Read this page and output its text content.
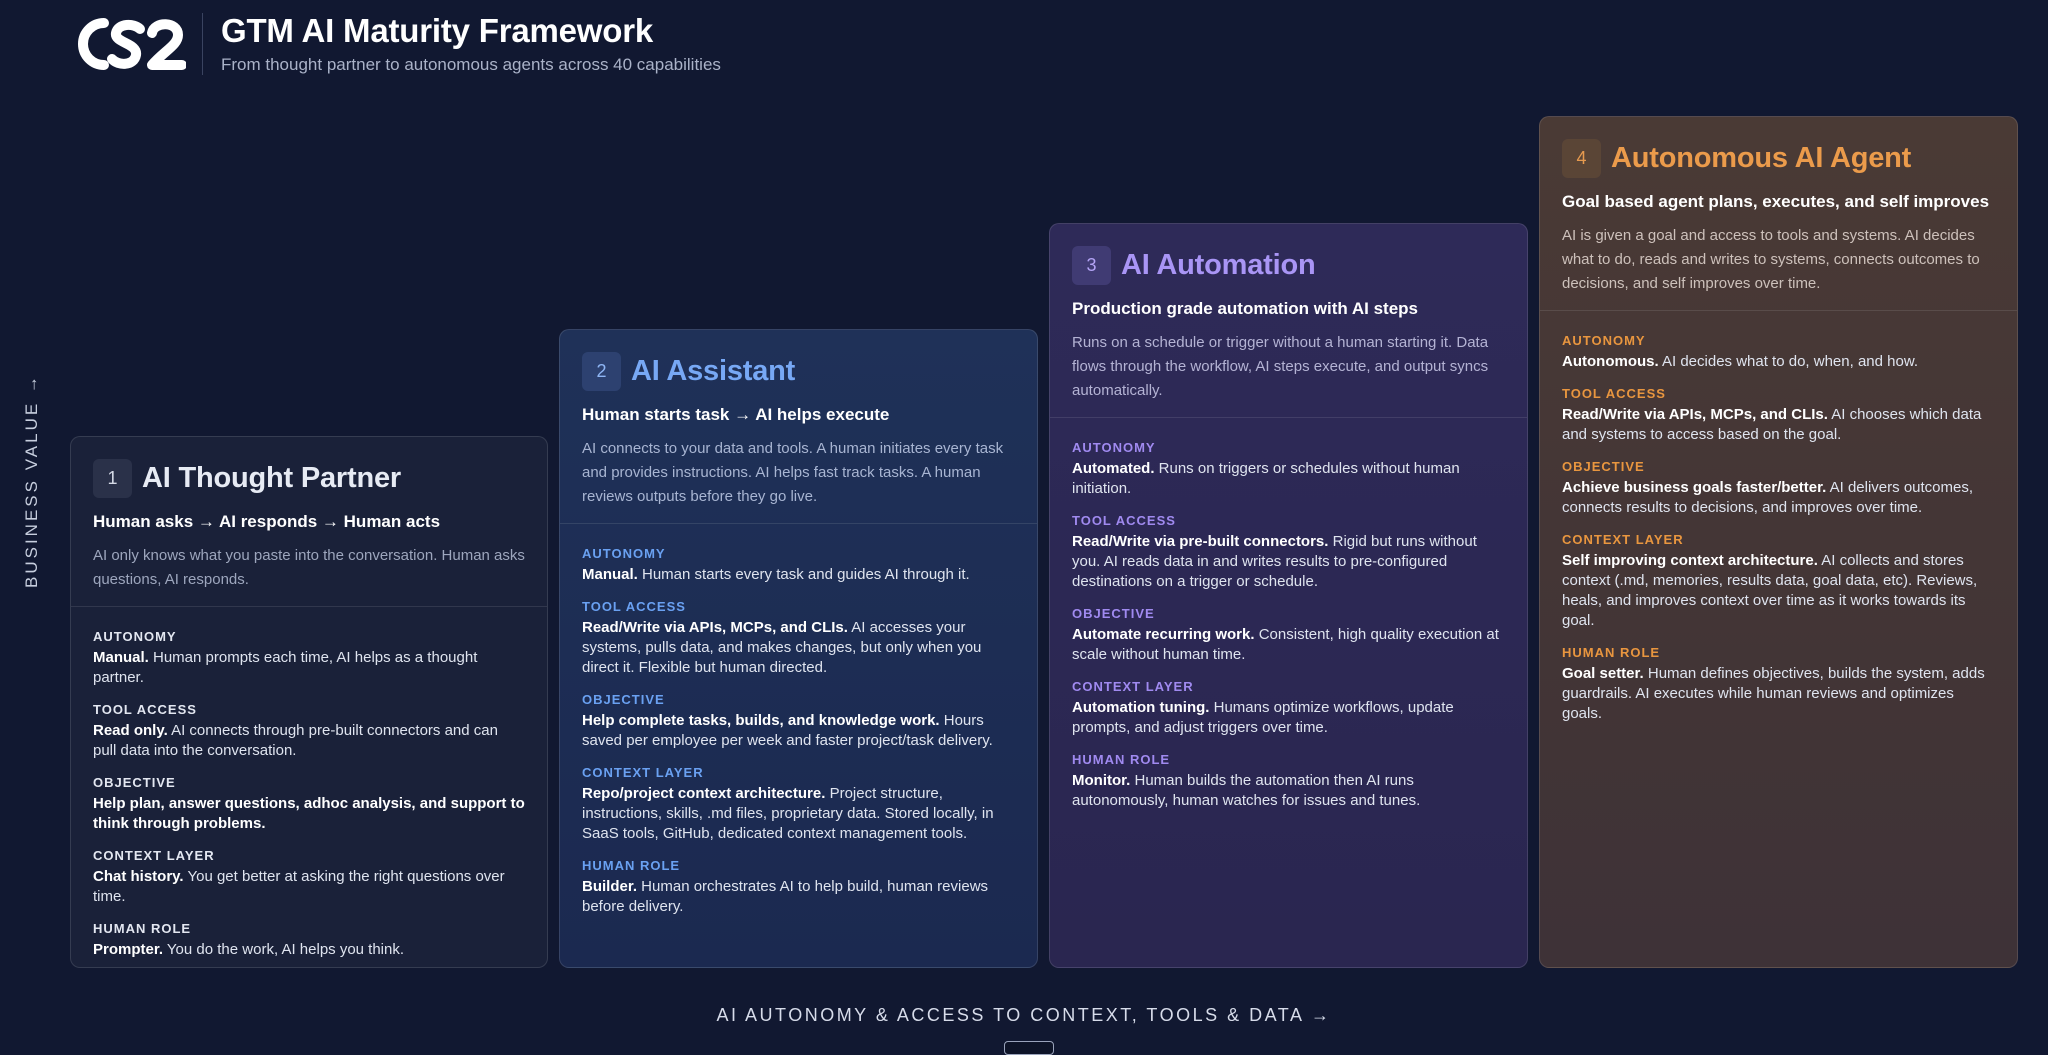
GTM AI Maturity Framework
From thought partner to autonomous agents across 40 capabilities
BUSINESS VALUE →	1 AI Thought Partner
Human asks → AI responds → Human acts
AI only knows what you paste into the conversation. Human asks questions, AI responds.
AUTONOMY
Manual. Human prompts each time, AI helps as a thought partner.
TOOL ACCESS
Read only. AI connects through pre-built connectors and can pull data into the conversation.
OBJECTIVE
Help plan, answer questions, adhoc analysis, and support to think through problems.
CONTEXT LAYER
Chat history. You get better at asking the right questions over time.
HUMAN ROLE
Prompter. You do the work, AI helps you think.
2 AI Assistant
Human starts task → AI helps execute
AI connects to your data and tools. A human initiates every task and provides instructions. AI helps fast track tasks. A human reviews outputs before they go live.
AUTONOMY
Manual. Human starts every task and guides AI through it.
TOOL ACCESS
Read/Write via APIs, MCPs, and CLIs. AI accesses your systems, pulls data, and makes changes, but only when you direct it. Flexible but human directed.
OBJECTIVE
Help complete tasks, builds, and knowledge work. Hours saved per employee per week and faster project/task delivery.
CONTEXT LAYER
Repo/project context architecture. Project structure, instructions, skills, .md files, proprietary data. Stored locally, in SaaS tools, GitHub, dedicated context management tools.
HUMAN ROLE
Builder. Human orchestrates AI to help build, human reviews before delivery.
3 AI Automation
Production grade automation with AI steps
Runs on a schedule or trigger without a human starting it. Data flows through the workflow, AI steps execute, and output syncs automatically.
AUTONOMY
Automated. Runs on triggers or schedules without human initiation.
TOOL ACCESS
Read/Write via pre-built connectors. Rigid but runs without you. AI reads data in and writes results to pre-configured destinations on a trigger or schedule.
OBJECTIVE
Automate recurring work. Consistent, high quality execution at scale without human time.
CONTEXT LAYER
Automation tuning. Humans optimize workflows, update prompts, and adjust triggers over time.
HUMAN ROLE
Monitor. Human builds the automation then AI runs autonomously, human watches for issues and tunes.
4 Autonomous AI Agent
Goal based agent plans, executes, and self improves
AI is given a goal and access to tools and systems. AI decides what to do, reads and writes to systems, connects outcomes to decisions, and self improves over time.
AUTONOMY
Autonomous. AI decides what to do, when, and how.
TOOL ACCESS
Read/Write via APIs, MCPs, and CLIs. AI chooses which data and systems to access based on the goal.
OBJECTIVE
Achieve business goals faster/better. AI delivers outcomes, connects results to decisions, and improves over time.
CONTEXT LAYER
Self improving context architecture. AI collects and stores context (.md, memories, results data, goal data, etc). Reviews, heals, and improves context over time as it works towards its goal.
HUMAN ROLE
Goal setter. Human defines objectives, builds the system, adds guardrails. AI executes while human reviews and optimizes goals.
AI AUTONOMY & ACCESS TO CONTEXT, TOOLS & DATA →
